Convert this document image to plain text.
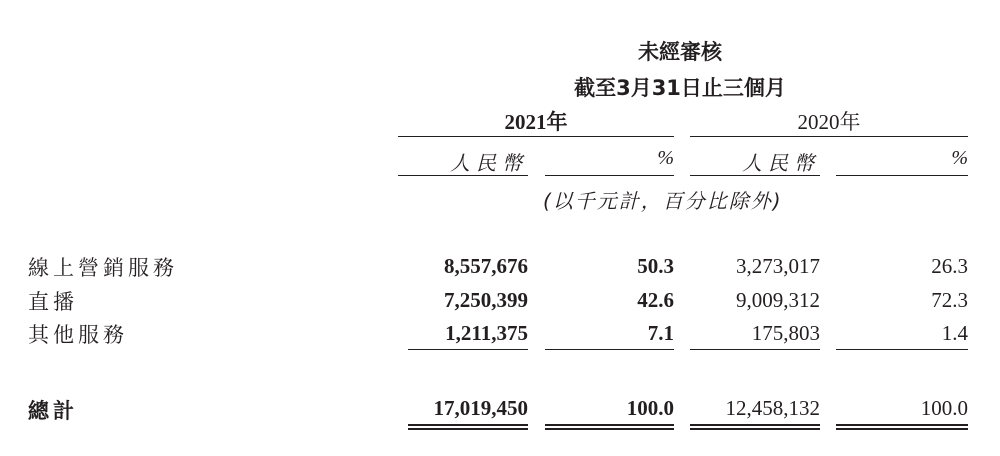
未經審核
截至3月31日止三個月
2021年	2020年
人民幣	%	人民幣	%
(以千元計，百分比除外)
線上營銷服務	8,557,676	50.3	3,273,017	26.3
直播	7,250,399	42.6	9,009,312	72.3
其他服務	1,211,375	7.1	175,803	1.4
總計	17,019,450	100.0	12,458,132	100.0
